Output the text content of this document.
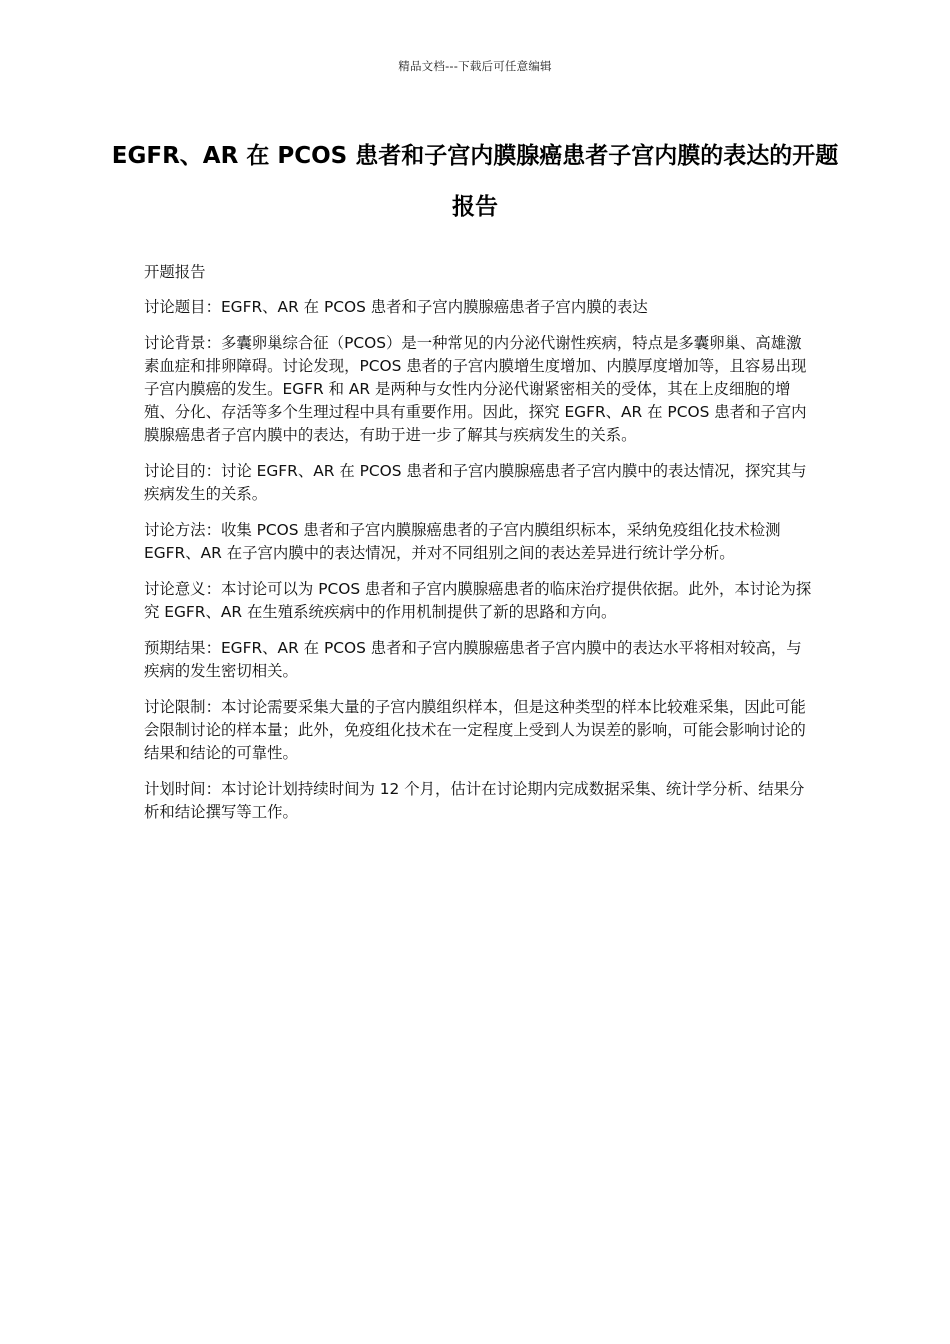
精品文档---下载后可任意编辑
EGFR、AR 在 PCOS 患者和子宫内膜腺癌患者子宫内膜的表达的开题报告

开题报告

讨论题目：EGFR、AR 在 PCOS 患者和子宫内膜腺癌患者子宫内膜的表达

讨论背景：多囊卵巢综合征（PCOS）是一种常见的内分泌代谢性疾病，特点是多囊卵巢、高雄激素血症和排卵障碍。讨论发现，PCOS 患者的子宫内膜增生度增加、内膜厚度增加等，且容易出现子宫内膜癌的发生。EGFR 和 AR 是两种与女性内分泌代谢紧密相关的受体，其在上皮细胞的增殖、分化、存活等多个生理过程中具有重要作用。因此，探究 EGFR、AR 在 PCOS 患者和子宫内膜腺癌患者子宫内膜中的表达，有助于进一步了解其与疾病发生的关系。

讨论目的：讨论 EGFR、AR 在 PCOS 患者和子宫内膜腺癌患者子宫内膜中的表达情况，探究其与疾病发生的关系。

讨论方法：收集 PCOS 患者和子宫内膜腺癌患者的子宫内膜组织标本，采纳免疫组化技术检测 EGFR、AR 在子宫内膜中的表达情况，并对不同组别之间的表达差异进行统计学分析。

讨论意义：本讨论可以为 PCOS 患者和子宫内膜腺癌患者的临床治疗提供依据。此外，本讨论为探究 EGFR、AR 在生殖系统疾病中的作用机制提供了新的思路和方向。

预期结果：EGFR、AR 在 PCOS 患者和子宫内膜腺癌患者子宫内膜中的表达水平将相对较高，与疾病的发生密切相关。

讨论限制：本讨论需要采集大量的子宫内膜组织样本，但是这种类型的样本比较难采集，因此可能会限制讨论的样本量；此外，免疫组化技术在一定程度上受到人为误差的影响，可能会影响讨论的结果和结论的可靠性。

计划时间：本讨论计划持续时间为 12 个月，估计在讨论期内完成数据采集、统计学分析、结果分析和结论撰写等工作。
